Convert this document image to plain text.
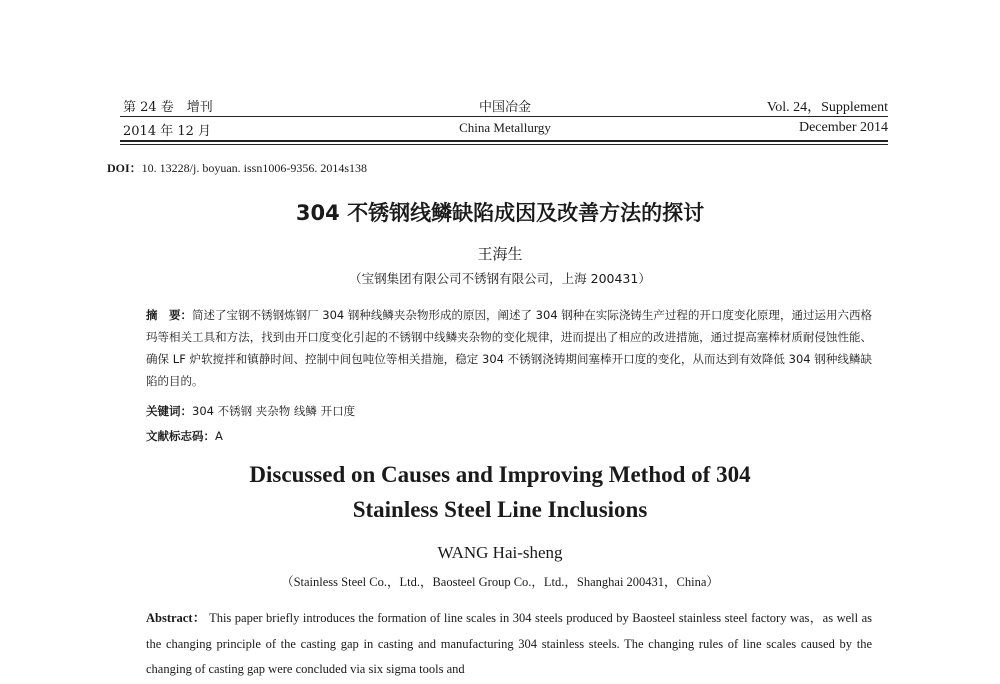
第 24 卷　增刊
2014 年 12 月
中国冶金
China Metallurgy
Vol. 24，Supplement
December 2014
DOI：10. 13228/j. boyuan. issn1006-9356. 2014s138
304 不锈钢线鳞缺陷成因及改善方法的探讨
王海生
（宝钢集团有限公司不锈钢有限公司，上海 200431）
摘　要：简述了宝钢不锈钢炼钢厂 304 钢种线鳞夹杂物形成的原因，阐述了 304 钢种在实际浇铸生产过程的开口度变化原理，通过运用六西格玛等相关工具和方法，找到由开口度变化引起的不锈钢中线鳞夹杂物的变化规律，进而提出了相应的改进措施，通过提高塞棒材质耐侵蚀性能、确保 LF 炉软搅拌和镇静时间、控制中间包吨位等相关措施，稳定 304 不锈钢浇铸期间塞棒开口度的变化，从而达到有效降低 304 钢种线鳞缺陷的目的。
关键词：304 不锈钢 夹杂物 线鳞 开口度
文献标志码：A
Discussed on Causes and Improving Method of 304
Stainless Steel Line Inclusions
WANG Hai-sheng
（Stainless Steel Co.，Ltd.，Baosteel Group Co.，Ltd.，Shanghai 200431，China）
Abstract： This paper briefly introduces the formation of line scales in 304 steels produced by Baosteel stainless steel factory was，as well as the changing principle of the casting gap in casting and manufacturing 304 stainless steels. The changing rules of line scales caused by the changing of casting gap were concluded via six sigma tools and
